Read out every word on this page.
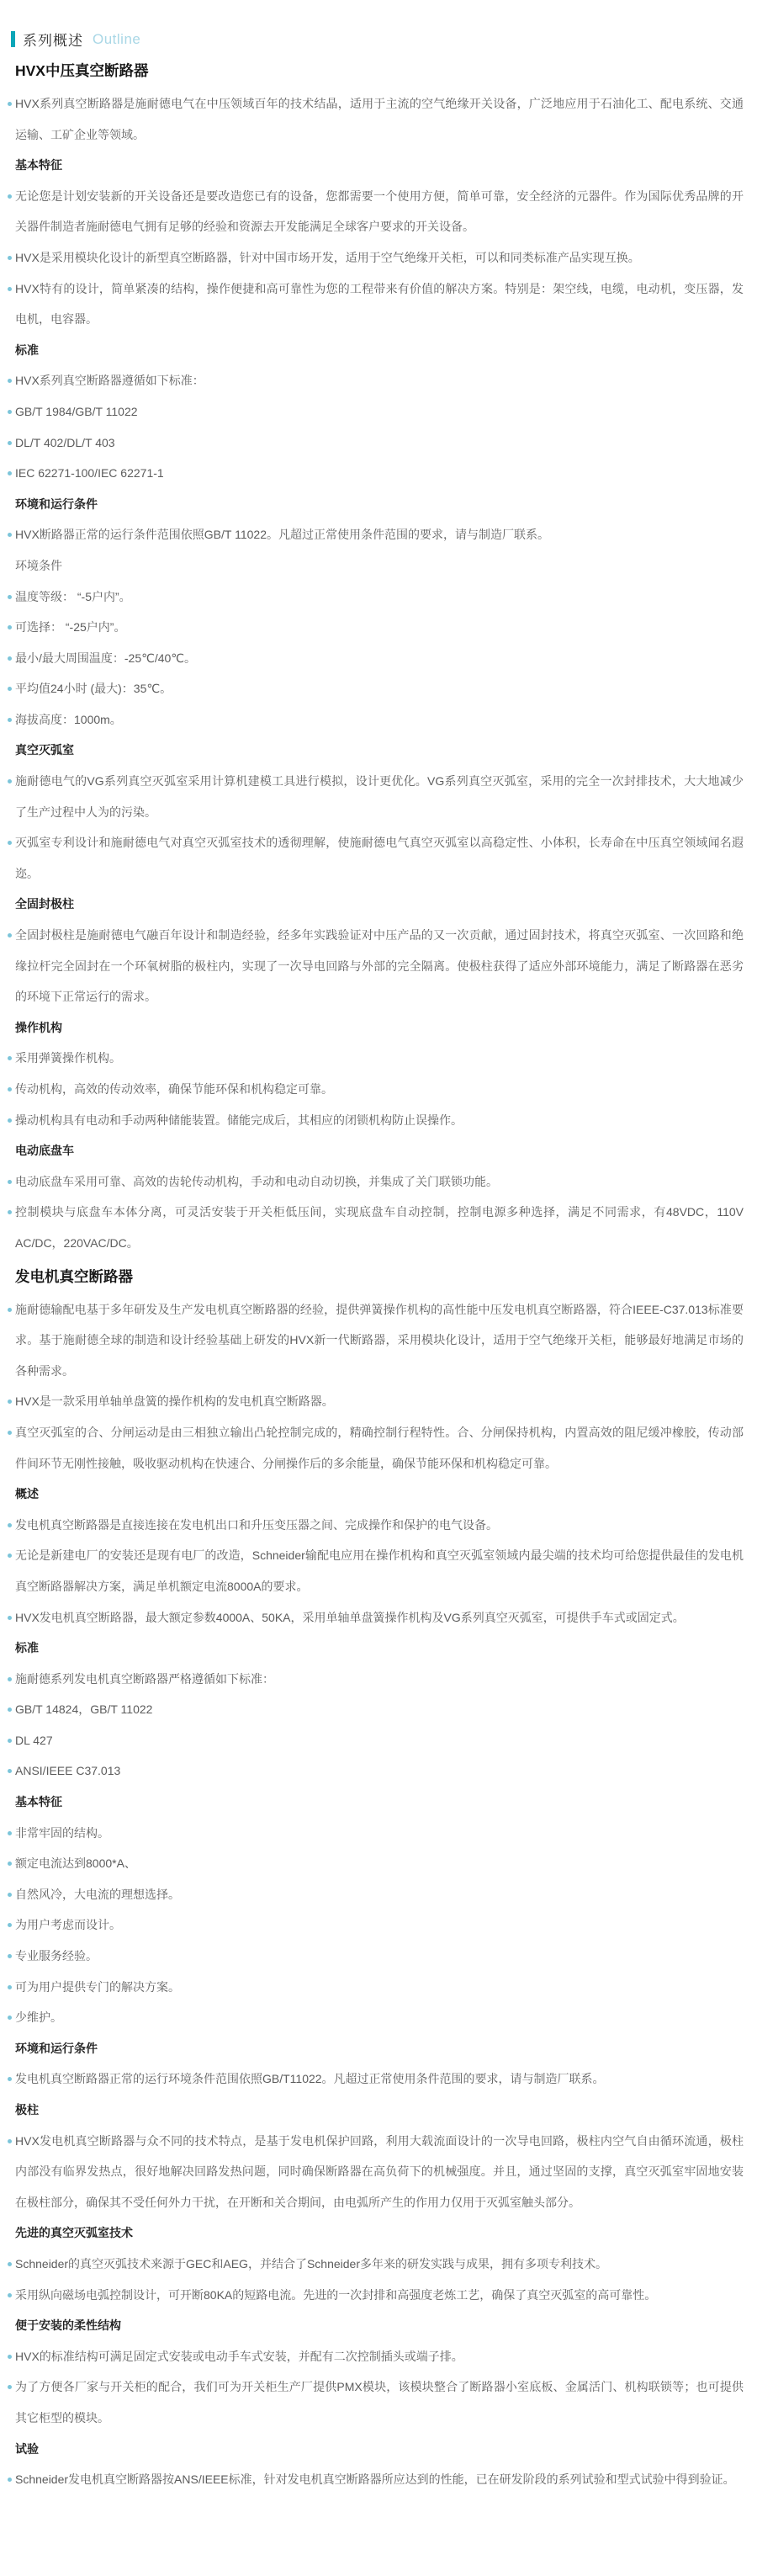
系列概述 Outline
HVX中压真空断路器
HVX系列真空断路器是施耐德电气在中压领域百年的技术结晶，适用于主流的空气绝缘开关设备，广泛地应用于石油化工、配电系统、交通运输、工矿企业等领域。
基本特征
无论您是计划安装新的开关设备还是要改造您已有的设备，您都需要一个使用方便，简单可靠，安全经济的元器件。作为国际优秀品牌的开关器件制造者施耐德电气拥有足够的经验和资源去开发能满足全球客户要求的开关设备。
HVX是采用模块化设计的新型真空断路器，针对中国市场开发，适用于空气绝缘开关柜，可以和同类标准产品实现互换。
HVX特有的设计，简单紧凑的结构，操作便捷和高可靠性为您的工程带来有价值的解决方案。特别是：架空线，电缆，电动机，变压器，发电机，电容器。
标准
HVX系列真空断路器遵循如下标准：
GB/T 1984/GB/T 11022
DL/T 402/DL/T 403
IEC 62271-100/IEC 62271-1
环境和运行条件
HVX断路器正常的运行条件范围依照GB/T 11022。凡超过正常使用条件范围的要求，请与制造厂联系。
环境条件
温度等级： “-5户内”。
可选择： “-25户内”。
最小/最大周围温度：-25℃/40℃。
平均值24小时 (最大)：35℃。
海拔高度：1000m。
真空灭弧室
施耐德电气的VG系列真空灭弧室采用计算机建模工具进行模拟，设计更优化。VG系列真空灭弧室，采用的完全一次封排技术，大大地减少了生产过程中人为的污染。
灭弧室专利设计和施耐德电气对真空灭弧室技术的透彻理解，使施耐德电气真空灭弧室以高稳定性、小体积，长寿命在中压真空领域闻名遐迩。
全固封极柱
全固封极柱是施耐德电气融百年设计和制造经验，经多年实践验证对中压产品的又一次贡献，通过固封技术，将真空灭弧室、一次回路和绝缘拉杆完全固封在一个环氧树脂的极柱内，实现了一次导电回路与外部的完全隔离。使极柱获得了适应外部环境能力，满足了断路器在恶劣的环境下正常运行的需求。
操作机构
采用弹簧操作机构。
传动机构，高效的传动效率，确保节能环保和机构稳定可靠。
操动机构具有电动和手动两种储能装置。储能完成后，其相应的闭锁机构防止误操作。
电动底盘车
电动底盘车采用可靠、高效的齿轮传动机构，手动和电动自动切换，并集成了关门联锁功能。
控制模块与底盘车本体分离，可灵活安装于开关柜低压间，实现底盘车自动控制，控制电源多种选择，满足不同需求，有48VDC，110V AC/DC，220VAC/DC。
发电机真空断路器
施耐德输配电基于多年研发及生产发电机真空断路器的经验，提供弹簧操作机构的高性能中压发电机真空断路器，符合IEEE-C37.013标准要求。基于施耐德全球的制造和设计经验基础上研发的HVX新一代断路器，采用模块化设计，适用于空气绝缘开关柜，能够最好地满足市场的各种需求。
HVX是一款采用单轴单盘簧的操作机构的发电机真空断路器。
真空灭弧室的合、分闸运动是由三相独立输出凸轮控制完成的，精确控制行程特性。合、分闸保持机构，内置高效的阻尼缓冲橡胶，传动部件间环节无刚性接触，吸收驱动机构在快速合、分闸操作后的多余能量，确保节能环保和机构稳定可靠。
概述
发电机真空断路器是直接连接在发电机出口和升压变压器之间、完成操作和保护的电气设备。
无论是新建电厂的安装还是现有电厂的改造，Schneider输配电应用在操作机构和真空灭弧室领域内最尖端的技术均可给您提供最佳的发电机真空断路器解决方案，满足单机额定电流8000A的要求。
HVX发电机真空断路器，最大额定参数4000A、50KA，采用单轴单盘簧操作机构及VG系列真空灭弧室，可提供手车式或固定式。
标准
施耐德系列发电机真空断路器严格遵循如下标准：
GB/T 14824，GB/T 11022
DL 427
ANSI/IEEE C37.013
基本特征
非常牢固的结构。
额定电流达到8000*A、
自然风冷，大电流的理想选择。
为用户考虑而设计。
专业服务经验。
可为用户提供专门的解决方案。
少维护。
环境和运行条件
发电机真空断路器正常的运行环境条件范围依照GB/T11022。凡超过正常使用条件范围的要求，请与制造厂联系。
极柱
HVX发电机真空断路器与众不同的技术特点，是基于发电机保护回路，利用大载流面设计的一次导电回路，极柱内空气自由循环流通，极柱内部没有临界发热点，很好地解决回路发热问题，同时确保断路器在高负荷下的机械强度。并且，通过坚固的支撑，真空灭弧室牢固地安装在极柱部分，确保其不受任何外力干扰，在开断和关合期间，由电弧所产生的作用力仅用于灭弧室触头部分。
先进的真空灭弧室技术
Schneider的真空灭弧技术来源于GEC和AEG，并结合了Schneider多年来的研发实践与成果，拥有多项专利技术。
采用纵向磁场电弧控制设计，可开断80KA的短路电流。先进的一次封排和高强度老炼工艺，确保了真空灭弧室的高可靠性。
便于安装的柔性结构
HVX的标准结构可满足固定式安装或电动手车式安装，并配有二次控制插头或端子排。
为了方便各厂家与开关柜的配合，我们可为开关柜生产厂提供PMX模块，该模块整合了断路器小室底板、金属活门、机构联锁等；也可提供其它柜型的模块。
试验
Schneider发电机真空断路器按ANS/IEEE标准，针对发电机真空断路器所应达到的性能，已在研发阶段的系列试验和型式试验中得到验证。
